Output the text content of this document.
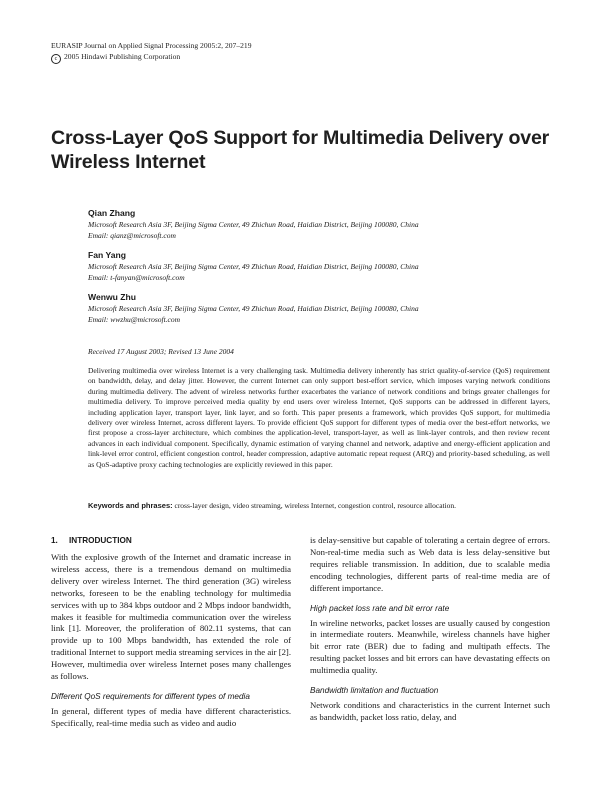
EURASIP Journal on Applied Signal Processing 2005:2, 207–219
c 2005 Hindawi Publishing Corporation
Cross-Layer QoS Support for Multimedia Delivery over Wireless Internet
Qian Zhang
Microsoft Research Asia 3F, Beijing Sigma Center, 49 Zhichun Road, Haidian District, Beijing 100080, China
Email: qianz@microsoft.com
Fan Yang
Microsoft Research Asia 3F, Beijing Sigma Center, 49 Zhichun Road, Haidian District, Beijing 100080, China
Email: t-fanyan@microsoft.com
Wenwu Zhu
Microsoft Research Asia 3F, Beijing Sigma Center, 49 Zhichun Road, Haidian District, Beijing 100080, China
Email: wwzhu@microsoft.com
Received 17 August 2003; Revised 13 June 2004
Delivering multimedia over wireless Internet is a very challenging task. Multimedia delivery inherently has strict quality-of-service (QoS) requirement on bandwidth, delay, and delay jitter. However, the current Internet can only support best-effort service, which imposes varying network conditions during multimedia delivery. The advent of wireless networks further exacerbates the variance of network conditions and brings greater challenges for multimedia delivery. To improve perceived media quality by end users over wireless Internet, QoS supports can be addressed in different layers, including application layer, transport layer, link layer, and so forth. This paper presents a framework, which provides QoS support, for multimedia delivery over wireless Internet, across different layers. To provide efficient QoS support for different types of media over the best-effort networks, we first propose a cross-layer architecture, which combines the application-level, transport-layer, as well as link-layer controls, and then review recent advances in each individual component. Specifically, dynamic estimation of varying channel and network, adaptive and energy-efficient application and link-level error control, efficient congestion control, header compression, adaptive automatic repeat request (ARQ) and priority-based scheduling, as well as QoS-adaptive proxy caching technologies are explicitly reviewed in this paper.
Keywords and phrases: cross-layer design, video streaming, wireless Internet, congestion control, resource allocation.
1. INTRODUCTION

With the explosive growth of the Internet and dramatic increase in wireless access, there is a tremendous demand on multimedia delivery over wireless Internet. The third generation (3G) wireless networks, foreseen to be the enabling technology for multimedia services with up to 384 kbps outdoor and 2 Mbps indoor bandwidth, makes it feasible for multimedia communication over the wireless link [1]. Moreover, the proliferation of 802.11 systems, that can provide up to 100 Mbps bandwidth, has extended the role of traditional Internet to support media streaming services in the air [2]. However, multimedia over wireless Internet poses many challenges as follows.

Different QoS requirements for different types of media

In general, different types of media have different characteristics. Specifically, real-time media such as video and audio

is delay-sensitive but capable of tolerating a certain degree of errors. Non-real-time media such as Web data is less delay-sensitive but requires reliable transmission. In addition, due to scalable media encoding technologies, different parts of real-time media are of different importance.

High packet loss rate and bit error rate

In wireline networks, packet losses are usually caused by congestion in intermediate routers. Meanwhile, wireless channels have higher bit error rate (BER) due to fading and multipath effects. The resulting packet losses and bit errors can have devastating effects on multimedia quality.

Bandwidth limitation and fluctuation

Network conditions and characteristics in the current Internet such as bandwidth, packet loss ratio, delay, and
